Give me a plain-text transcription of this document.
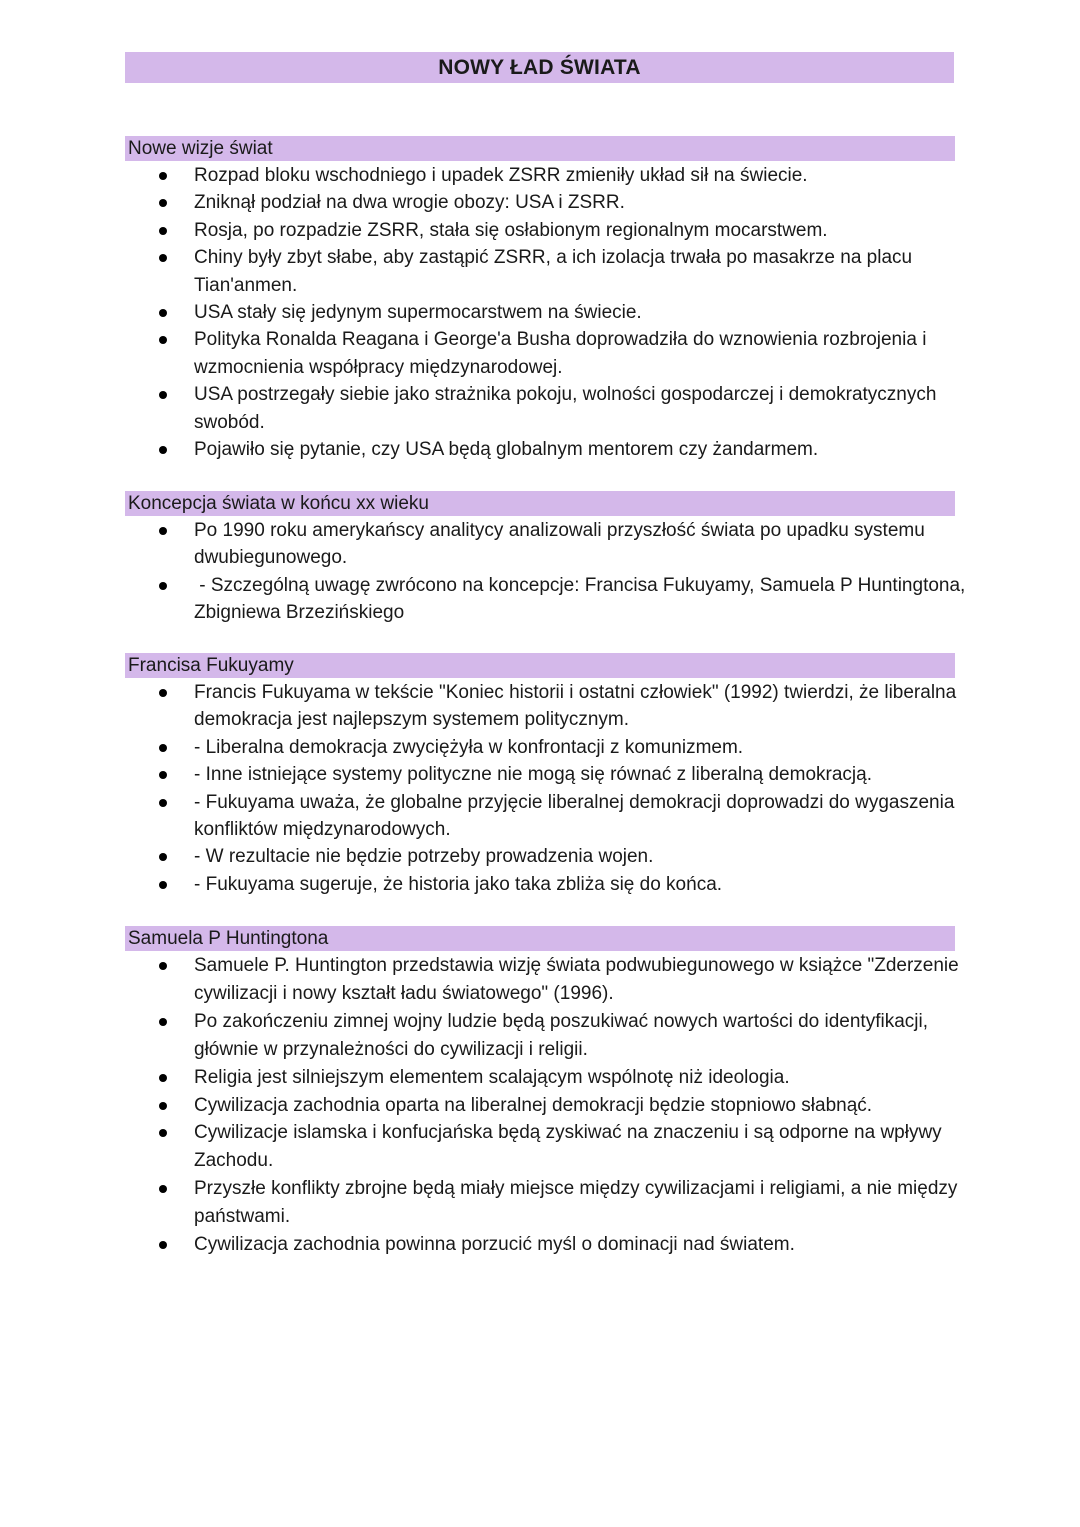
NOWY ŁAD ŚWIATA
Nowe wizje świat
Rozpad bloku wschodniego i upadek ZSRR zmieniły układ sił na świecie.
Zniknął podział na dwa wrogie obozy: USA i ZSRR.
Rosja, po rozpadzie ZSRR, stała się osłabionym regionalnym mocarstwem.
Chiny były zbyt słabe, aby zastąpić ZSRR, a ich izolacja trwała po masakrze na placu Tian'anmen.
USA stały się jedynym supermocarstwem na świecie.
Polityka Ronalda Reagana i George'a Busha doprowadziła do wznowienia rozbrojenia i wzmocnienia współpracy międzynarodowej.
USA postrzegały siebie jako strażnika pokoju, wolności gospodarczej i demokratycznych swobód.
Pojawiło się pytanie, czy USA będą globalnym mentorem czy żandarmem.
Koncepcja świata w końcu xx wieku
Po 1990 roku amerykańscy analitycy analizowali przyszłość świata po upadku systemu dwubiegunowego.
- Szczególną uwagę zwrócono na koncepcje: Francisa Fukuyamy, Samuela P Huntingtona, Zbigniewa Brzezińskiego
Francisa Fukuyamy
Francis Fukuyama w tekście "Koniec historii i ostatni człowiek" (1992) twierdzi, że liberalna demokracja jest najlepszym systemem politycznym.
- Liberalna demokracja zwyciężyła w konfrontacji z komunizmem.
- Inne istniejące systemy polityczne nie mogą się równać z liberalną demokracją.
- Fukuyama uważa, że globalne przyjęcie liberalnej demokracji doprowadzi do wygaszenia konfliktów międzynarodowych.
- W rezultacie nie będzie potrzeby prowadzenia wojen.
- Fukuyama sugeruje, że historia jako taka zbliża się do końca.
Samuela P Huntingtona
Samuele P. Huntington przedstawia wizję świata podwubiegunowego w książce "Zderzenie cywilizacji i nowy kształt ładu światowego" (1996).
Po zakończeniu zimnej wojny ludzie będą poszukiwać nowych wartości do identyfikacji, głównie w przynależności do cywilizacji i religii.
Religia jest silniejszym elementem scalającym wspólnotę niż ideologia.
Cywilizacja zachodnia oparta na liberalnej demokracji będzie stopniowo słabnąć.
Cywilizacje islamska i konfucjańska będą zyskiwać na znaczeniu i są odporne na wpływy Zachodu.
Przyszłe konflikty zbrojne będą miały miejsce między cywilizacjami i religiami, a nie między państwami.
Cywilizacja zachodnia powinna porzucić myśl o dominacji nad światem.
